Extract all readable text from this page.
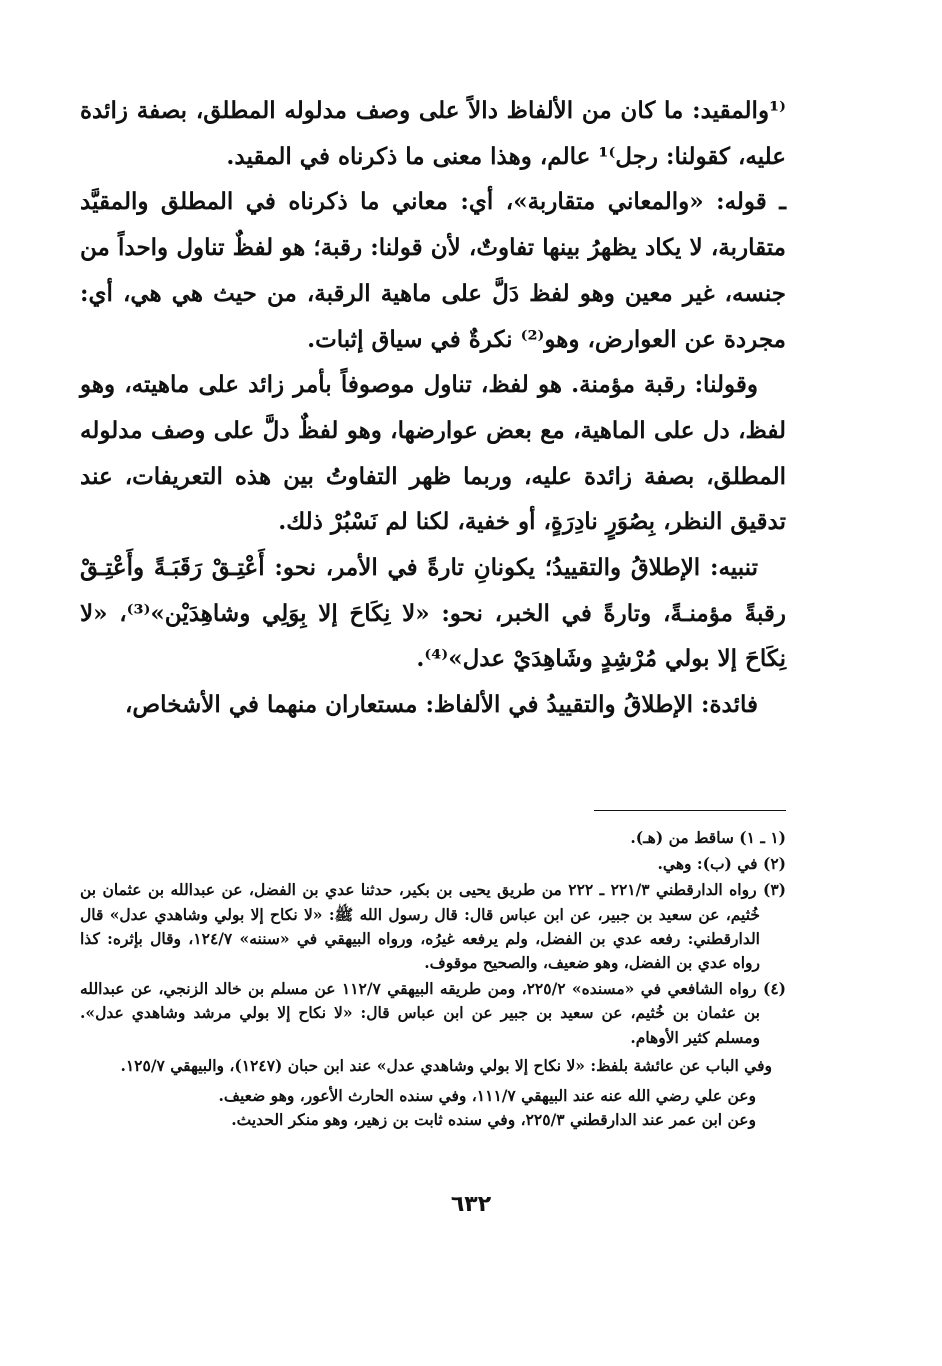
⁽¹والمقيد: ما كان من الألفاظ دالاً على وصف مدلوله المطلق، بصفة زائدة عليه، كقولنا: رجل⁾¹ عالم، وهذا معنى ما ذكرناه في المقيد.

ـ قوله: «والمعاني متقاربة»، أي: معاني ما ذكرناه في المطلق والمقيَّد متقاربة، لا يكاد يظهرُ بينها تفاوتٌ، لأن قولنا: رقبة؛ هو لفظٌ تناول واحداً من جنسه، غير معين وهو لفظ دَلَّ على ماهية الرقبة، من حيث هي هي، أي: مجردة عن العوارض، وهو⁽²⁾ نكرةٌ في سياق إثبات.

وقولنا: رقبة مؤمنة. هو لفظ، تناول موصوفاً بأمر زائد على ماهيته، وهو لفظ، دل على الماهية، مع بعض عوارضها، وهو لفظٌ دلَّ على وصف مدلوله المطلق، بصفة زائدة عليه، وربما ظهر التفاوتُ بين هذه التعريفات، عند تدقيق النظر، بِصُوَرٍ نادِرَةٍ، أو خفية، لكنا لم نَسْبُرْ ذلك.

تنبيه: الإطلاقُ والتقييدُ؛ يكونانِ تارةً في الأمر، نحو: أَعْتِـقْ رَقَبَـةً وأَعْتِـقْ رقبةً مؤمنـةً، وتارةً في الخبر، نحو: «لا نِكَاحَ إلا بِوَلِي وشاهِدَيْن»⁽³⁾، «لا نِكَاحَ إلا بولي مُرْشِدٍ وشَاهِدَيْ عدل»⁽⁴⁾.

فائدة: الإطلاقُ والتقييدُ في الألفاظ: مستعاران منهما في الأشخاص،

(١ ـ ١) ساقط من (هـ).

(٢) في (ب): وهي.

(٣) رواه الدارقطني ٢٢١/٣ ـ ٢٢٢ من طريق يحيى بن بكير، حدثنا عدي بن الفضل، عن عبدالله بن عثمان بن خُثيم، عن سعيد بن جبير، عن ابن عباس قال: قال رسول الله ﷺ: «لا نكاح إلا بولي وشاهدي عدل» قال الدارقطني: رفعه عدي بن الفضل، ولم يرفعه غيرُه، ورواه البيهقي في «سننه» ١٢٤/٧، وقال بإثره: كذا رواه عدي بن الفضل، وهو ضعيف، والصحيح موقوف.

(٤) رواه الشافعي في «مسنده» ٢٢٥/٢، ومن طريقه البيهقي ١١٢/٧ عن مسلم بن خالد الزنجي، عن عبدالله بن عثمان بن خُثيم، عن سعيد بن جبير عن ابن عباس قال: «لا نكاح إلا بولي مرشد وشاهدي عدل». ومسلم كثير الأوهام.

وفي الباب عن عائشة بلفظ: «لا نكاح إلا بولي وشاهدي عدل» عند ابن حبان (١٢٤٧)، والبيهقي ١٢٥/٧.

وعن علي رضي الله عنه عند البيهقي ١١١/٧، وفي سنده الحارث الأعور، وهو ضعيف.

وعن ابن عمر عند الدارقطني ٢٢٥/٣، وفي سنده ثابت بن زهير، وهو منكر الحديث.

٦٣٢
